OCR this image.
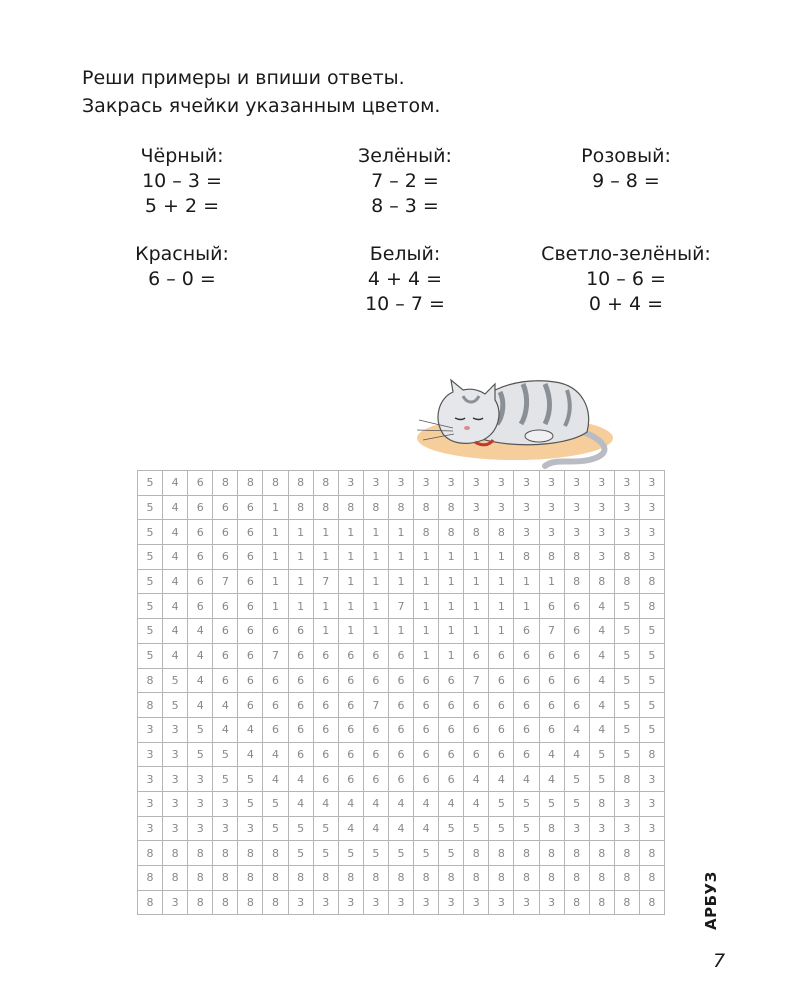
Реши примеры и впиши ответы.
Закрась ячейки указанным цветом.
Чёрный:
10 – 3 =
5 + 2 =
Зелёный:
7 – 2 =
8 – 3 =
Розовый:
9 – 8 =
Красный:
6 – 0 =
Белый:
4 + 4 =
10 – 7 =
Светло-зелёный:
10 – 6 =
0 + 4 =
5	4	6	8	8	8	8	8	3	3	3	3	3	3	3	3	3	3	3	3	3
5	4	6	6	6	1	8	8	8	8	8	8	8	3	3	3	3	3	3	3	3
5	4	6	6	6	1	1	1	1	1	1	8	8	8	8	3	3	3	3	3	3
5	4	6	6	6	1	1	1	1	1	1	1	1	1	1	8	8	8	3	8	3
5	4	6	7	6	1	1	7	1	1	1	1	1	1	1	1	1	8	8	8	8
5	4	6	6	6	1	1	1	1	1	7	1	1	1	1	1	6	6	4	5	8
5	4	4	6	6	6	6	1	1	1	1	1	1	1	1	6	7	6	4	5	5
5	4	4	6	6	7	6	6	6	6	6	1	1	6	6	6	6	6	4	5	5
8	5	4	6	6	6	6	6	6	6	6	6	6	7	6	6	6	6	4	5	5
8	5	4	4	6	6	6	6	6	7	6	6	6	6	6	6	6	6	4	5	5
3	3	5	4	4	6	6	6	6	6	6	6	6	6	6	6	6	4	4	5	5
3	3	5	5	4	4	6	6	6	6	6	6	6	6	6	6	4	4	5	5	8
3	3	3	5	5	4	4	6	6	6	6	6	6	4	4	4	4	5	5	8	3
3	3	3	3	5	5	4	4	4	4	4	4	4	4	5	5	5	5	8	3	3
3	3	3	3	3	5	5	5	4	4	4	4	5	5	5	5	8	3	3	3	3
8	8	8	8	8	8	5	5	5	5	5	5	5	8	8	8	8	8	8	8	8
8	8	8	8	8	8	8	8	8	8	8	8	8	8	8	8	8	8	8	8	8
8	3	8	8	8	8	3	3	3	3	3	3	3	3	3	3	3	8	8	8	8	АРБУЗ
7
